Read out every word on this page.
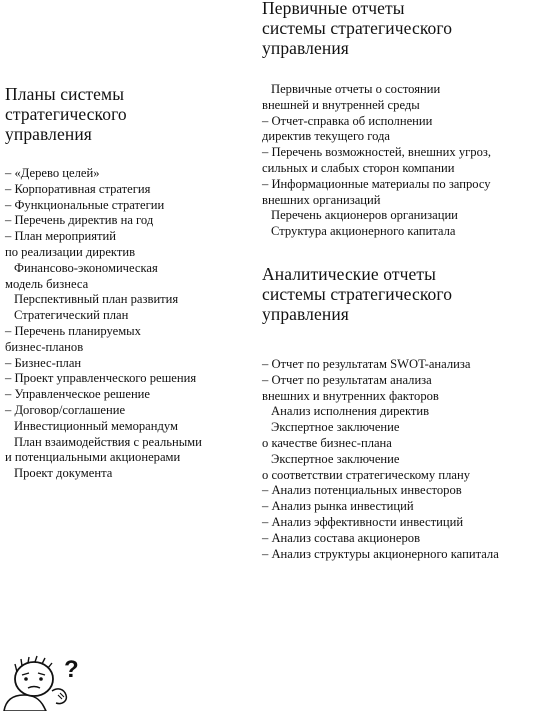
Планы системы
стратегического
управления
– «Дерево целей»
– Корпоративная стратегия
– Функциональные стратегии
– Перечень директив на год
– План мероприятий
по реализации директив
Финансово-экономическая
модель бизнеса
Перспективный план развития
Стратегический план
– Перечень планируемых
бизнес-планов
– Бизнес-план
– Проект управленческого решения
– Управленческое решение
– Договор/соглашение
Инвестиционный меморандум
План взаимодействия с реальными
и потенциальными акционерами
Проект документа
Первичные отчеты
системы стратегического
управления
Первичные отчеты о состоянии
внешней и внутренней среды
– Отчет-справка об исполнении
директив текущего года
– Перечень возможностей, внешних угроз,
сильных и слабых сторон компании
– Информационные материалы по запросу
внешних организаций
Перечень акционеров организации
Структура акционерного капитала
Аналитические отчеты
системы стратегического
управления
– Отчет по результатам SWOT-анализа
– Отчет по результатам анализа
внешних и внутренних факторов
Анализ исполнения директив
Экспертное заключение
о качестве бизнес-плана
Экспертное заключение
о соответствии стратегическому плану
– Анализ потенциальных инвесторов
– Анализ рынка инвестиций
– Анализ эффективности инвестиций
– Анализ состава акционеров
– Анализ структуры акционерного капитала
?
